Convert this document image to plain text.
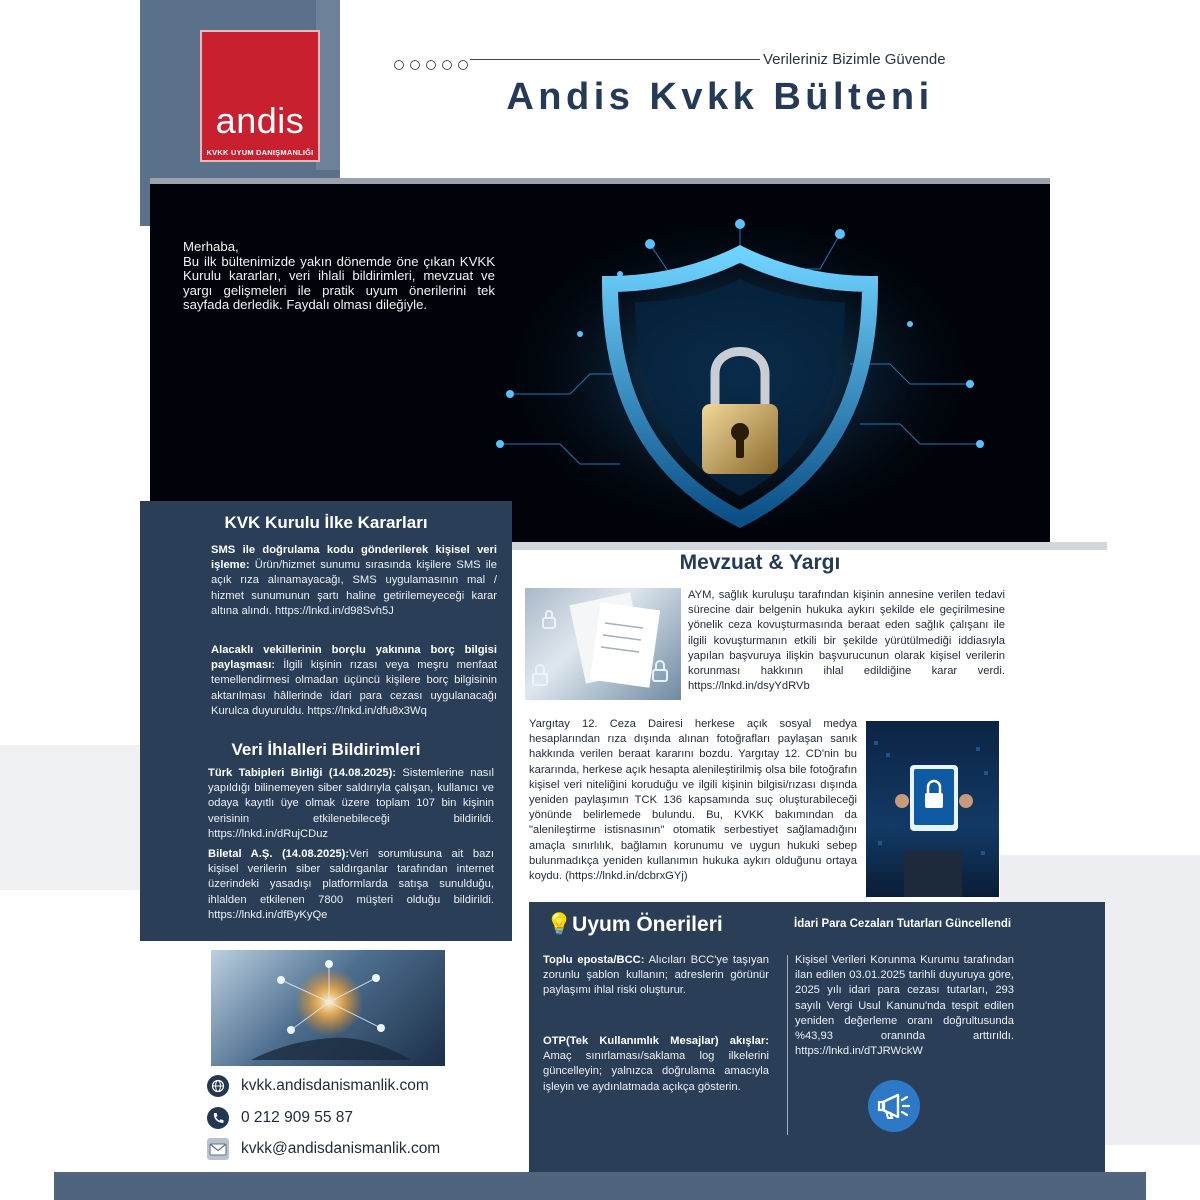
andis
KVKK UYUM DANIŞMANLIĞI
Verileriniz Bizimle Güvende
Andis Kvkk Bülteni
Merhaba,
Bu ilk bültenimizde yakın dönemde öne çıkan KVKK Kurulu kararları, veri ihlali bildirimleri, mevzuat ve yargı gelişmeleri ile pratik uyum önerilerini tek sayfada derledik. Faydalı olması dileğiyle.
KVK Kurulu İlke Kararları
SMS ile doğrulama kodu gönderilerek kişisel veri işleme: Ürün/hizmet sunumu sırasında kişilere SMS ile açık rıza alınamayacağı, SMS uygulamasının mal / hizmet sunumunun şartı haline getirilemeyeceği karar altına alındı. https://lnkd.in/d98Svh5J
Alacaklı vekillerinin borçlu yakınına borç bilgisi paylaşması: İlgili kişinin rızası veya meşru menfaat temellendirmesi olmadan üçüncü kişilere borç bilgisinin aktarılması hâllerinde idari para cezası uygulanacağı Kurulca duyuruldu. https://lnkd.in/dfu8x3Wq
Veri İhlalleri Bildirimleri
Türk Tabipleri Birliği (14.08.2025): Sistemlerine nasıl yapıldığı bilinemeyen siber saldırıyla çalışan, kullanıcı ve odaya kayıtlı üye olmak üzere toplam 107 bin kişinin verisinin etkilenebileceği bildirildi. https://lnkd.in/dRujCDuz
Biletal A.Ş. (14.08.2025):Veri sorumlusuna ait bazı kişisel verilerin siber saldırganlar tarafından internet üzerindeki yasadışı platformlarda satışa sunulduğu, ihlalden etkilenen 7800 müşteri olduğu bildirildi. https://lnkd.in/dfByKyQe
Mevzuat & Yargı
AYM, sağlık kuruluşu tarafından kişinin annesine verilen tedavi sürecine dair belgenin hukuka aykırı şekilde ele geçirilmesine yönelik ceza kovuşturmasında beraat eden sağlık çalışanı ile ilgili kovuşturmanın etkili bir şekilde yürütülmediği iddiasıyla yapılan başvuruya ilişkin başvurucunun olarak kişisel verilerin korunması hakkının ihlal edildiğine karar verdi. https://lnkd.in/dsyYdRVb
Yargıtay 12. Ceza Dairesi herkese açık sosyal medya hesaplarından rıza dışında alınan fotoğrafları paylaşan sanık hakkında verilen beraat kararını bozdu. Yargıtay 12. CD'nin bu kararında, herkese açık hesapta alenileştirilmiş olsa bile fotoğrafın kişisel veri niteliğini koruduğu ve ilgili kişinin bilgisi/rızası dışında yeniden paylaşımın TCK 136 kapsamında suç oluşturabileceği yönünde belirlemede bulundu. Bu, KVKK bakımından da "alenileştirme istisnasının" otomatik serbestiyet sağlamadığını amaçla sınırlılık, bağlamın korunumu ve uygun hukuki sebep bulunmadıkça yeniden kullanımın hukuka aykırı olduğunu ortaya koydu. (https://lnkd.in/dcbrxGYj)
💡Uyum Önerileri	İdari Para Cezaları Tutarları Güncellendi
Toplu eposta/BCC: Alıcıları BCC'ye taşıyan zorunlu şablon kullanın; adreslerin görünür paylaşımı ihlal riski oluşturur.
OTP(Tek Kullanımlık Mesajlar) akışlar: Amaç sınırlaması/saklama log ilkelerini güncelleyin; yalnızca doğrulama amacıyla işleyin ve aydınlatmada açıkça gösterin.
Kişisel Verileri Korunma Kurumu tarafından ilan edilen 03.01.2025 tarihli duyuruya göre, 2025 yılı idari para cezası tutarları, 293 sayılı Vergi Usul Kanunu'nda tespit edilen yeniden değerleme oranı doğrultusunda %43,93 oranında arttırıldı. https://lnkd.in/dTJRWckW
kvkk.andisdanismanlik.com
0 212 909 55 87
kvkk@andisdanismanlik.com
